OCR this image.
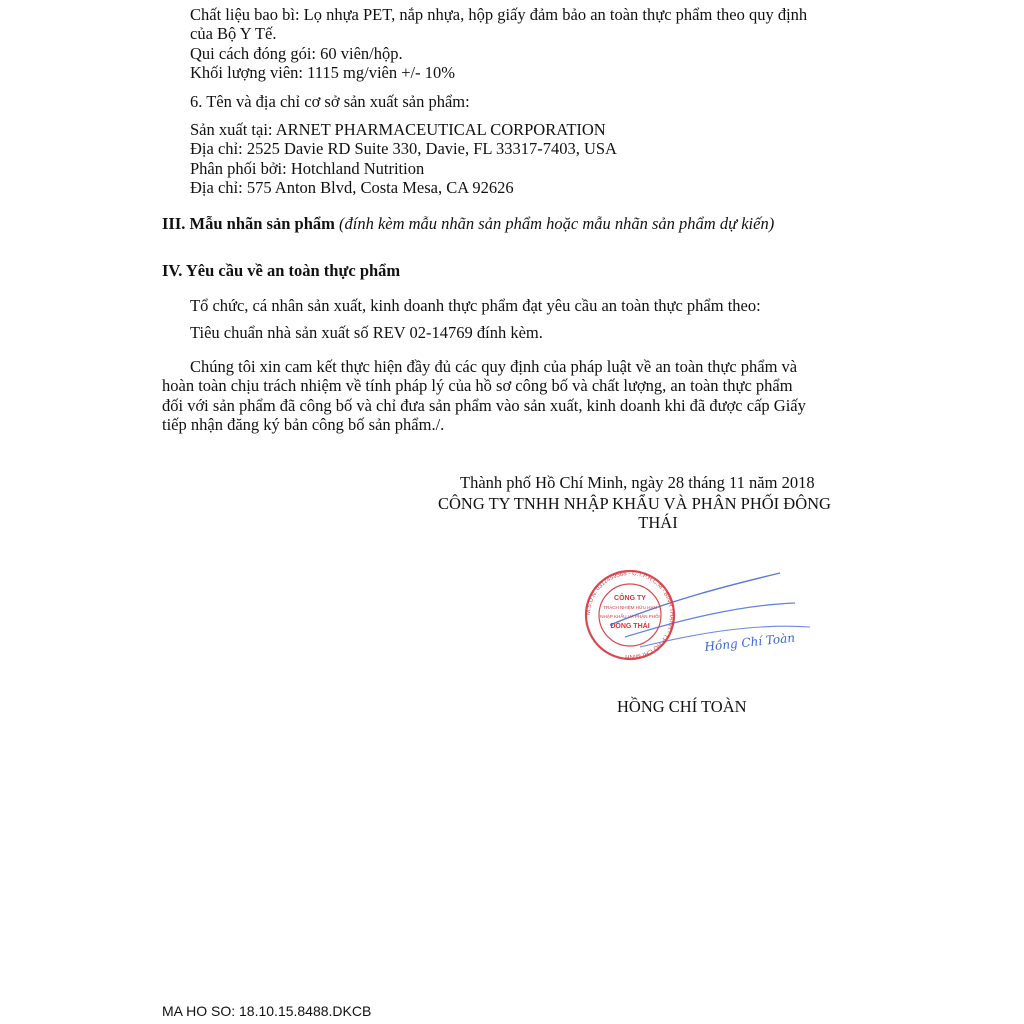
Chất liệu bao bì: Lọ nhựa PET, nắp nhựa, hộp giấy đảm bảo an toàn thực phẩm theo quy định
của Bộ Y Tế.
Qui cách đóng gói: 60 viên/hộp.
Khối lượng viên: 1115 mg/viên +/- 10%
6. Tên và địa chỉ cơ sở sản xuất sản phẩm:
Sản xuất tại: ARNET PHARMACEUTICAL CORPORATION
Địa chỉ: 2525 Davie RD Suite 330, Davie, FL 33317-7403, USA
Phân phối bởi: Hotchland Nutrition
Địa chỉ: 575 Anton Blvd, Costa Mesa, CA 92626
III. Mẫu nhãn sản phẩm (đính kèm mẫu nhãn sản phẩm hoặc mẫu nhãn sản phẩm dự kiến)
IV. Yêu cầu về an toàn thực phẩm
Tổ chức, cá nhân sản xuất, kinh doanh thực phẩm đạt yêu cầu an toàn thực phẩm theo:
Tiêu chuẩn nhà sản xuất số REV 02-14769 đính kèm.
Chúng tôi xin cam kết thực hiện đầy đủ các quy định của pháp luật về an toàn thực phẩm và
hoàn toàn chịu trách nhiệm về tính pháp lý của hồ sơ công bố và chất lượng, an toàn thực phẩm
đối với sản phẩm đã công bố và chỉ đưa sản phẩm vào sản xuất, kinh doanh khi đã được cấp Giấy
tiếp nhận đăng ký bản công bố sản phẩm./.
Thành phố Hồ Chí Minh, ngày 28 tháng 11 năm 2018
CÔNG TY TNHH NHẬP KHẨU VÀ PHÂN PHỐI ĐÔNG
THÁI
M.S.D.N: 0312459568 - C.T.P.H.C.M - BÌNH THẠNH - T.P HỒ CHÍ MINH
CÔNG TY
TRÁCH NHIỆM HỮU HẠN
NHẬP KHẨU VÀ PHÂN PHỐI
ĐÔNG THÁI
Hồng Chí Toàn
HỒNG CHÍ TOÀN
MA HO SO: 18.10.15.8488.DKCB
